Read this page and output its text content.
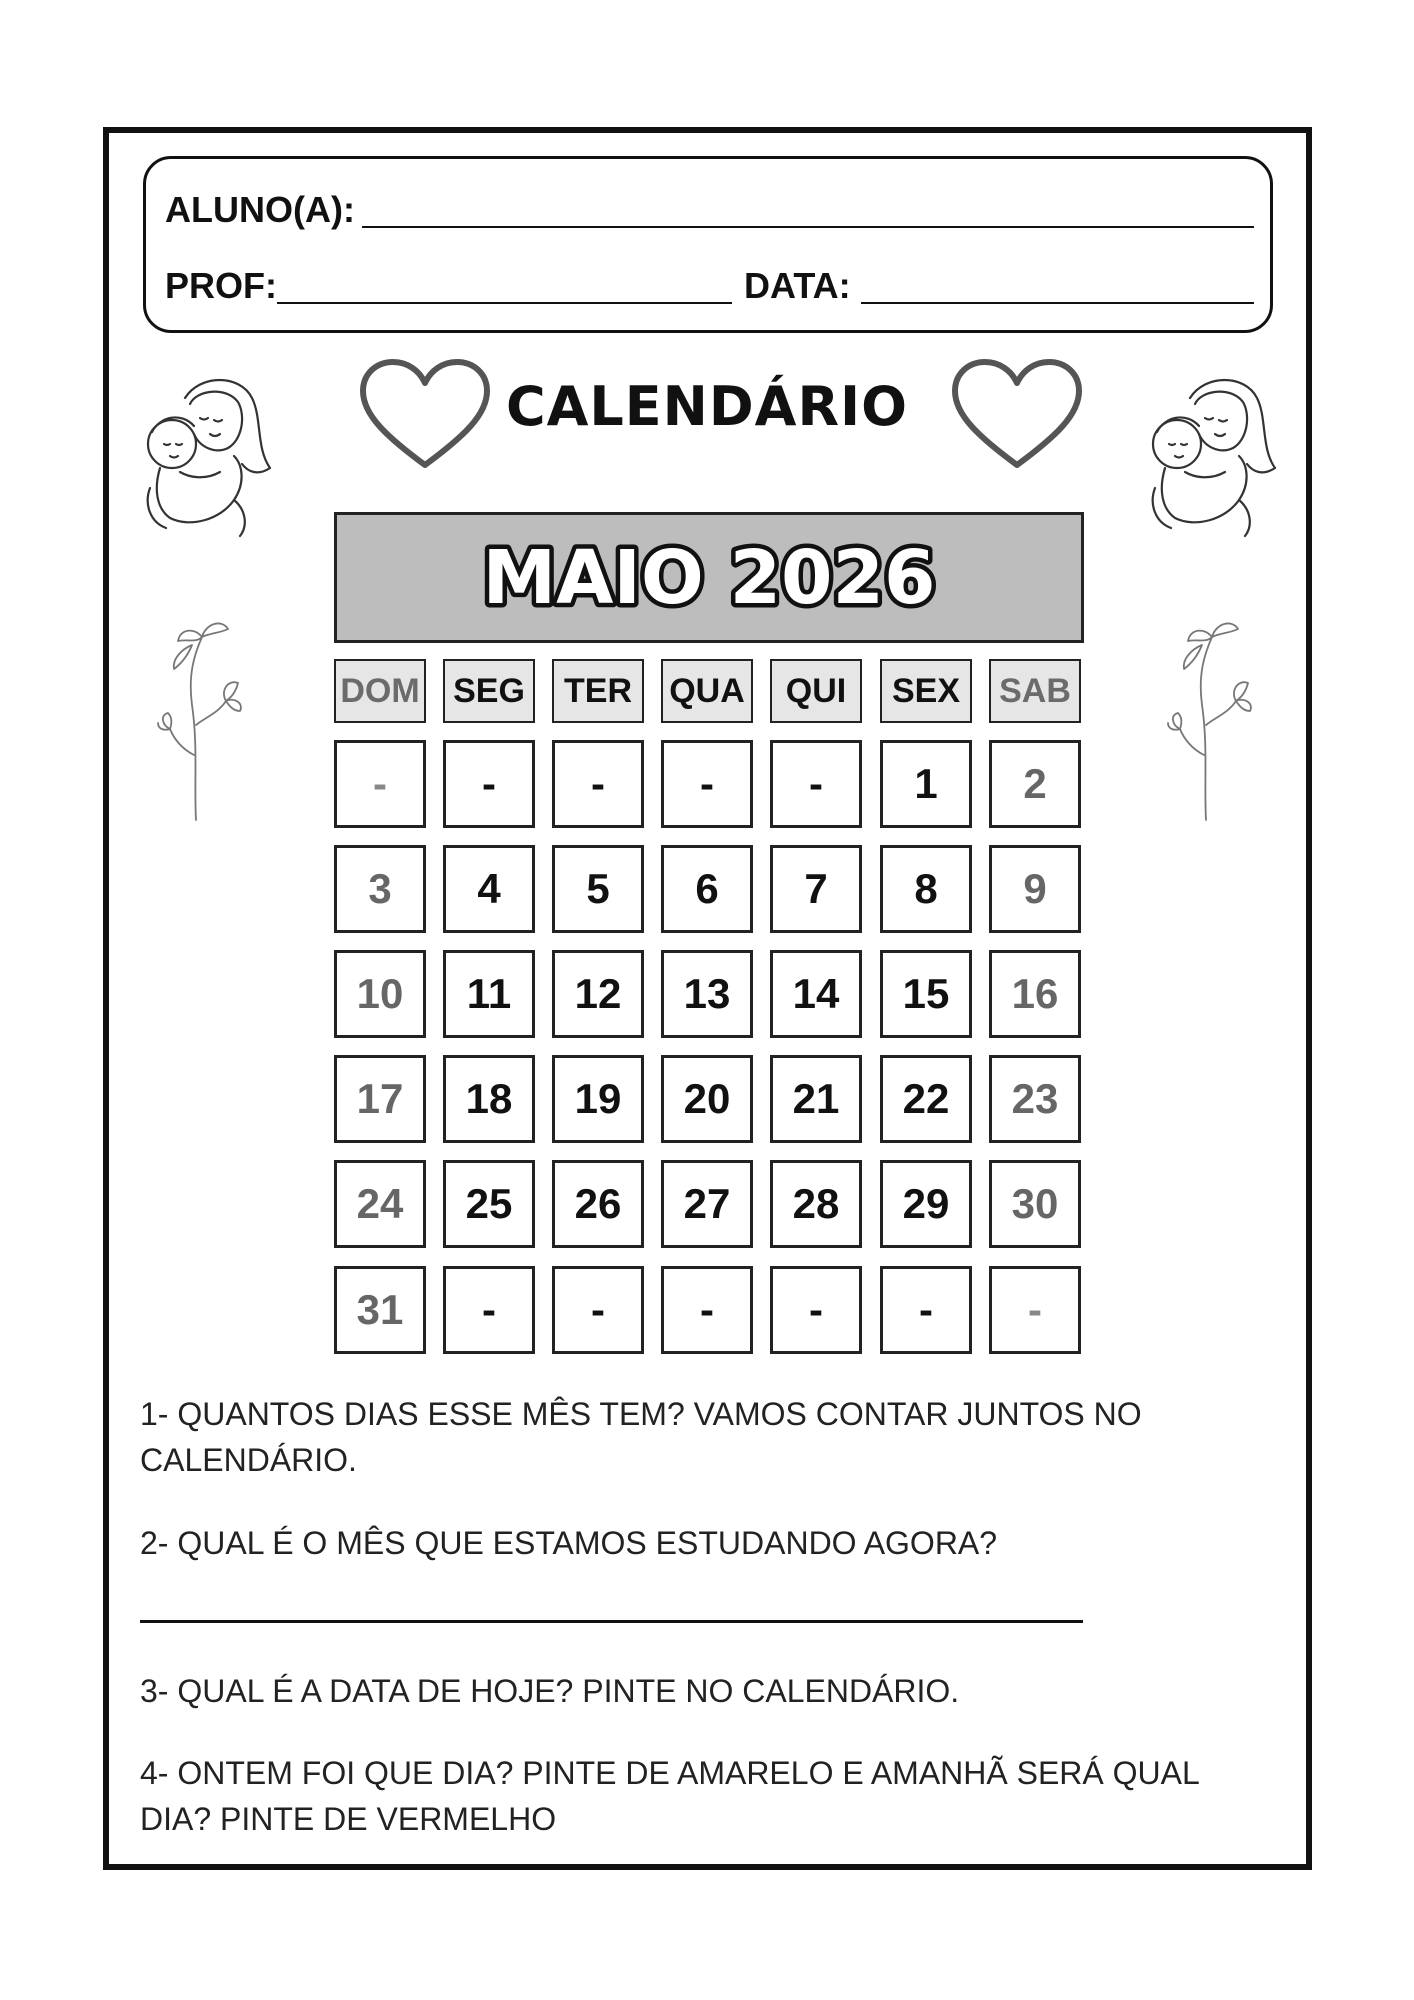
ALUNO(A):
PROF:	DATA:
CALENDÁRIO
MAIO 2026
DOM SEG	TER	QUA	QUI	SEX	SAB
-	-	-	-	-	1	2
3	4	5	6	7	8	9
10	11	12	13	14	15	16
17	18	19	20	21	22	23
24	25	26	27	28	29	30
31	-	-	-	-	-	-
1- QUANTOS DIAS ESSE MÊS TEM? VAMOS CONTAR JUNTOS NO CALENDÁRIO.
2- QUAL É O MÊS QUE ESTAMOS ESTUDANDO AGORA?
3- QUAL É A DATA DE HOJE? PINTE NO CALENDÁRIO.
4- ONTEM FOI QUE DIA? PINTE DE AMARELO E AMANHÃ SERÁ QUAL DIA? PINTE DE VERMELHO
